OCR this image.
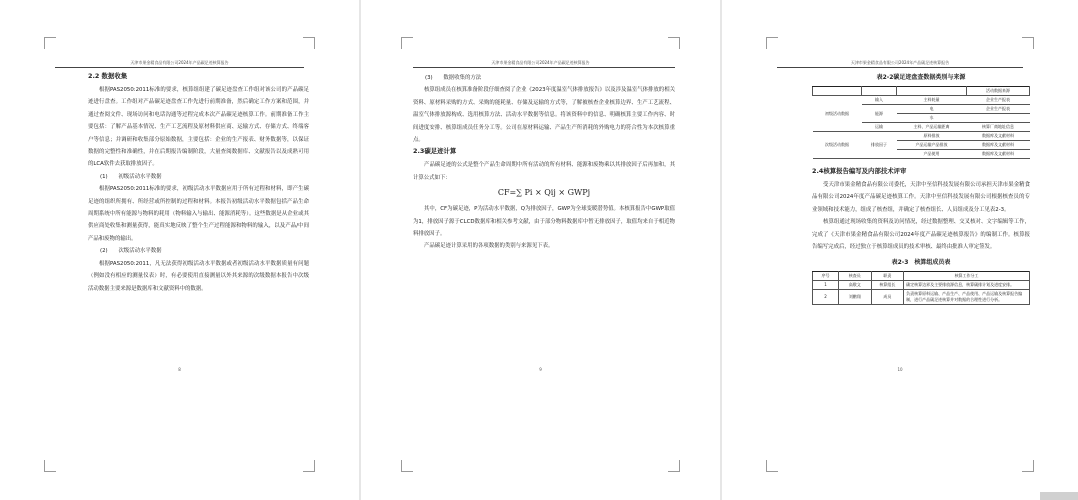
天津市果金精食品有限公司2024年产品碳足迹核算报告
2.2 数据收集

根据PAS2050:2011标准的要求，核算组组建了碳足迹盘查工作组对该公司的产品碳足迹进行盘查。工作组对产品碳足迹盘查工作先进行前期准备，然后确定工作方案和范围，并通过查阅文件、现场访问和电话沟通等过程完成本次产品碳足迹核算工作。前期准备工作主要包括：了解产品基本情况、生产工艺流程及原材料供应商、运输方式、存储方式、终端客户等信息；并调研和收集部分原始数据，主要包括：企业的生产报表、财务数据等，以保证数据的完整性和准确性，并在后期报告编制阶段，大量查阅数据库、文献报告以及成熟可用的LCA软件去获取排放因子。

(1)　　初级活动水平数据

根据PAS2050:2011标准的要求，初级活动水平数据应用于所有过程和材料，即产生碳足迹的组织所拥有、所经营或所控制的过程和材料。本报告初级活动水平数据包括产品生命周期系统中所有能源与物料的耗用（物料输入与输出、能源消耗等）。这些数据是从企业或其供应商处收集和测量获得，能真实地反映了整个生产过程能源和物料的输入，以及产品/中间产品和废物的输出。

(2)　　次级活动水平数据

根据PAS2050:2011，凡无法获得初级活动水平数据或者初级活动水平数据质量有问题（例如没有相应的测量仪表）时，有必要使用直接测量以外其来源的次级数据本报告中次级活动数据主要来源是数据库和文献资料中的数据。

8
天津市果金精食品有限公司2024年产品碳足迹核算报告

(3)　　数据收集的方法

核算组成员在核算准备阶段仔细查阅了企业《2023年度温室气体排放报告》以及涉及温室气体排放的相关资料、原材料采购的方式、采购的能耗量、存储及运输的方式等，了解被核查企业核算边界、生产工艺流程、温室气体排放源构成、选用核算方法、活动水平数据等信息。将该资料中的信息、明确核算主要工作内容、时间进度安排、核算组成员任务分工等。公司在原材料运输、产品生产所消耗的外购电力的符合性为本次核算重点。

2.3碳足迹计算

产品碳足迹的公式是整个产品生命周期中所有活动的所有材料、能源和废物乘以其排放因子后再加和，其计算公式如下：

CF=∑ Pi × Qij × GWPj

其中，CF为碳足迹，P为活动水平数据，Q为排放因子，GWP为全球变暖潜势值。本核算报告中GWP取值为1，排放因子源于CLCD数据库和相关参考文献，由于部分物料数据库中暂无排放因子，取值均来自于相近物料排放因子。

产品碳足迹计算采用的各项数据的类别与来源见下表。

9
天津市果金精食品有限公司2024年产品碳足迹核算报告
表2-2碳足迹盘查数据类别与来源
			活动数据来源
初级活动数据	输入	主料耗量	企业生产报表
	能源	电	企业生产报表
		水	
	运输	主料、产品运输距离	核算厂商地址信息
次级活动数据	排放因子	原料排放	数据库及文献材料
		产品运输产品排放	数据库及文献材料
		产品使用	数据库及文献材料
2.4核算报告编写及内部技术评审

受天津市果金精食品有限公司委托，天津中至信科技发展有限公司承担天津市果金精食品有限公司2024年度产品碳足迹核算工作。天津中至信科技发展有限公司根据核查员的专业领域和技术能力，组成了核查组，并确定了核查组长、人员组成及分工见表2-3。

核算组通过现场收集的资料及访问情况，经过数据整理、交叉核对、文字编辑等工作，完成了《天津市果金精食品有限公司2024年度产品碳足迹核算报告》的编制工作。核算报告编写完成后，经过独立于核算组成员的技术审核、最终由批准人审定签发。

表2-3　核算组成员表
序号	核查员	职责	核算工作分工
1	高敬文	核算组长	确定核算边界及主要排放源信息，核算碳排计划及进度安排。
2	刘鹏翔	成员	负责核算原料运输、产品生产、产品使用、产品运输及核算报告编制，进行产品碳足迹核算并对数据的合理性进行分析。
10
